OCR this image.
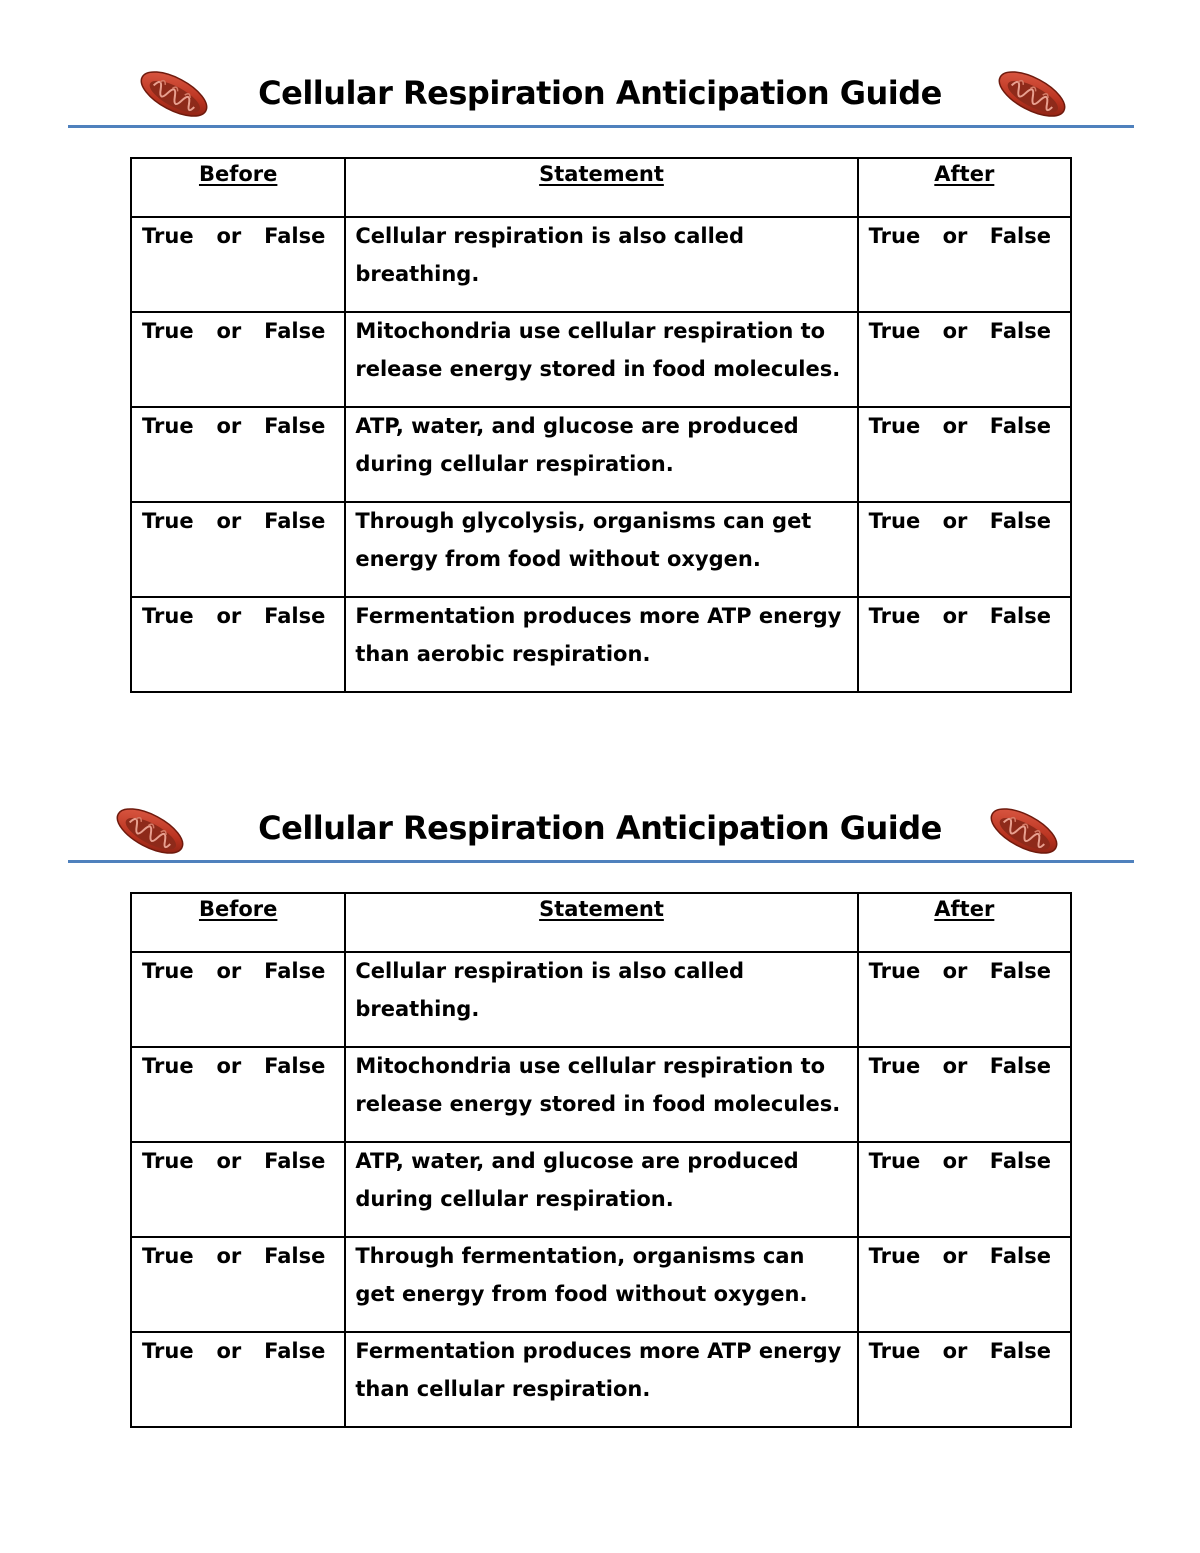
Cellular Respiration Anticipation Guide
Before	Statement	After

True or False	Cellular respiration is also called breathing.	True or False

True or False	Mitochondria use cellular respiration to release energy stored in food molecules.	True or False

True or False	ATP, water, and glucose are produced during cellular respiration.	True or False

True or False	Through glycolysis, organisms can get energy from food without oxygen.	True or False

True or False	Fermentation produces more ATP energy than aerobic respiration.	True or False
Cellular Respiration Anticipation Guide
Before	Statement	After

True or False	Cellular respiration is also called breathing.	True or False

True or False	Mitochondria use cellular respiration to release energy stored in food molecules.	True or False

True or False	ATP, water, and glucose are produced during cellular respiration.	True or False

True or False	Through fermentation, organisms can get energy from food without oxygen.	True or False

True or False	Fermentation produces more ATP energy than cellular respiration.	True or False
